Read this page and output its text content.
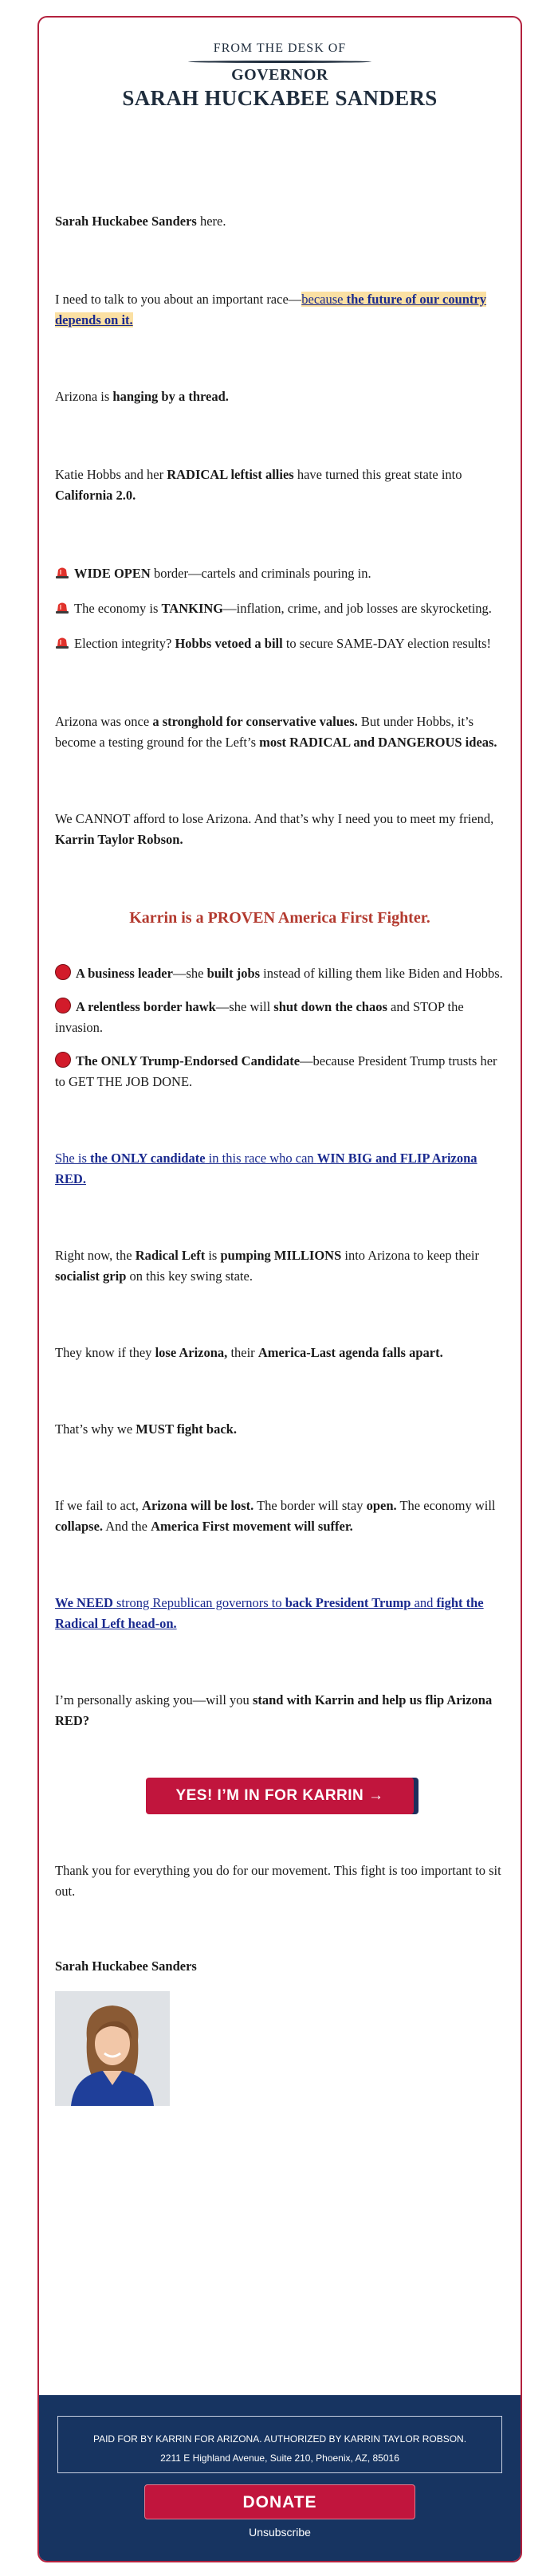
FROM THE DESK OF
GOVERNOR
SARAH HUCKABEE SANDERS

Sarah Huckabee Sanders here.

I need to talk to you about an important race—because the future of our country depends on it.

Arizona is hanging by a thread.

Katie Hobbs and her RADICAL leftist allies have turned this great state into California 2.0.

WIDE OPEN border—cartels and criminals pouring in.

The economy is TANKING—inflation, crime, and job losses are skyrocketing.

Election integrity? Hobbs vetoed a bill to secure SAME-DAY election results!

Arizona was once a stronghold for conservative values. But under Hobbs, it’s become a testing ground for the Left’s most RADICAL and DANGEROUS ideas.

We CANNOT afford to lose Arizona. And that’s why I need you to meet my friend, Karrin Taylor Robson.

Karrin is a PROVEN America First Fighter.

A business leader—she built jobs instead of killing them like Biden and Hobbs.

A relentless border hawk—she will shut down the chaos and STOP the invasion.

The ONLY Trump-Endorsed Candidate—because President Trump trusts her to GET THE JOB DONE.

She is the ONLY candidate in this race who can WIN BIG and FLIP Arizona RED.

Right now, the Radical Left is pumping MILLIONS into Arizona to keep their socialist grip on this key swing state.

They know if they lose Arizona, their America-Last agenda falls apart.

That’s why we MUST fight back.

If we fail to act, Arizona will be lost. The border will stay open. The economy will collapse. And the America First movement will suffer.

We NEED strong Republican governors to back President Trump and fight the Radical Left head-on.

I’m personally asking you—will you stand with Karrin and help us flip Arizona RED?

YES! I’M IN FOR KARRIN →

Thank you for everything you do for our movement. This fight is too important to sit out.

Sarah Huckabee Sanders

PAID FOR BY KARRIN FOR ARIZONA. AUTHORIZED BY KARRIN TAYLOR ROBSON.
2211 E Highland Avenue, Suite 210, Phoenix, AZ, 85016
DONATE
Unsubscribe
